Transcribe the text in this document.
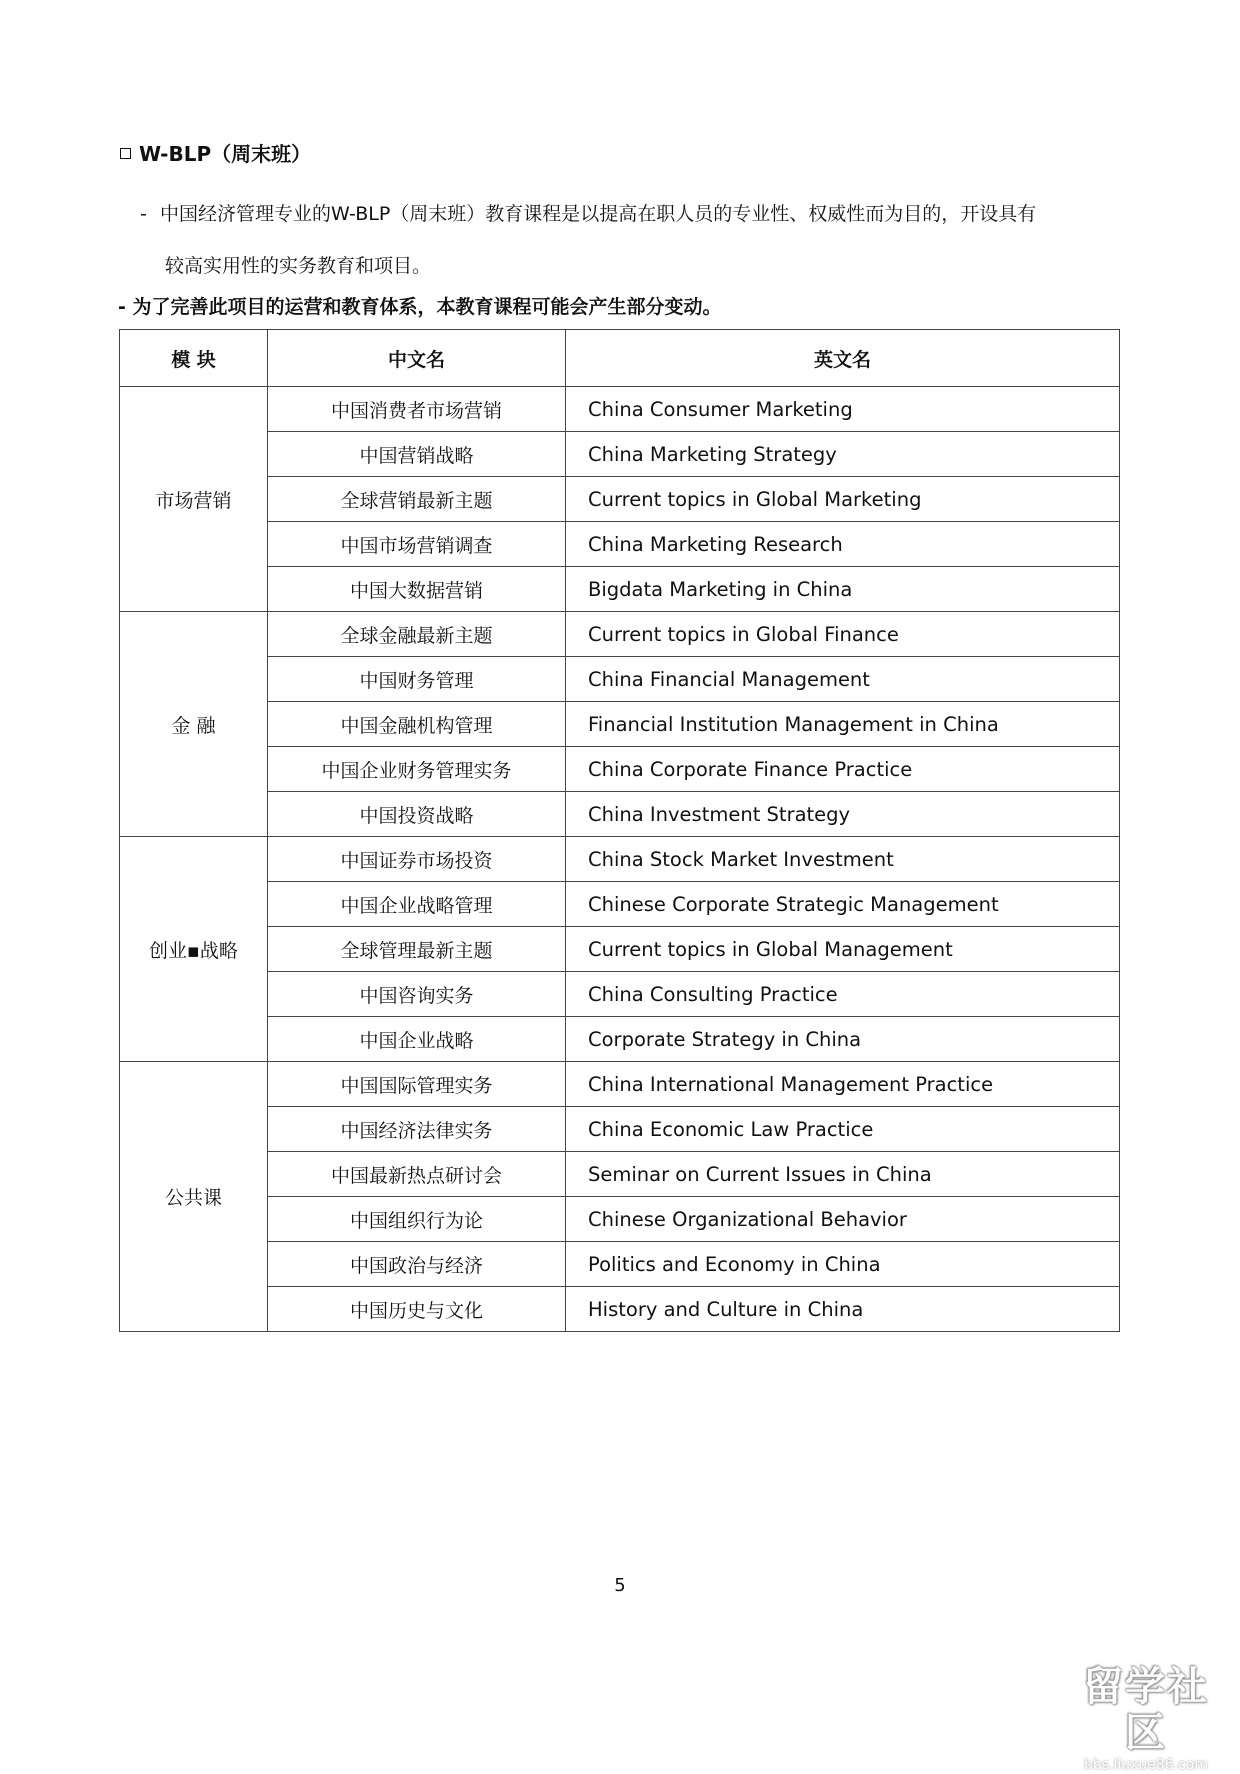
W-BLP（周末班）
- 中国经济管理专业的W-BLP（周末班）教育课程是以提高在职人员的专业性、权威性而为目的，开设具有
较高实用性的实务教育和项目。
- 为了完善此项目的运营和教育体系，本教育课程可能会产生部分变动。
模 块	中文名	英文名
市场营销	中国消费者市场营销	China Consumer Marketing
	中国营销战略	China Marketing Strategy
	全球营销最新主题	Current topics in Global Marketing
	中国市场营销调查	China Marketing Research
	中国大数据营销	Bigdata Marketing in China
金 融	全球金融最新主题	Current topics in Global Finance
	中国财务管理	China Financial Management
	中国金融机构管理	Financial Institution Management in China
	中国企业财务管理实务	China Corporate Finance Practice
	中国投资战略	China Investment Strategy
创业▪战略	中国证券市场投资	China Stock Market Investment
	中国企业战略管理	Chinese Corporate Strategic Management
	全球管理最新主题	Current topics in Global Management
	中国咨询实务	China Consulting Practice
	中国企业战略	Corporate Strategy in China
公共课	中国国际管理实务	China International Management Practice
	中国经济法律实务	China Economic Law Practice
	中国最新热点研讨会	Seminar on Current Issues in China
	中国组织行为论	Chinese Organizational Behavior
	中国政治与经济	Politics and Economy in China
	中国历史与文化	History and Culture in China
5
留学社区
bbs.liuxue86.com
